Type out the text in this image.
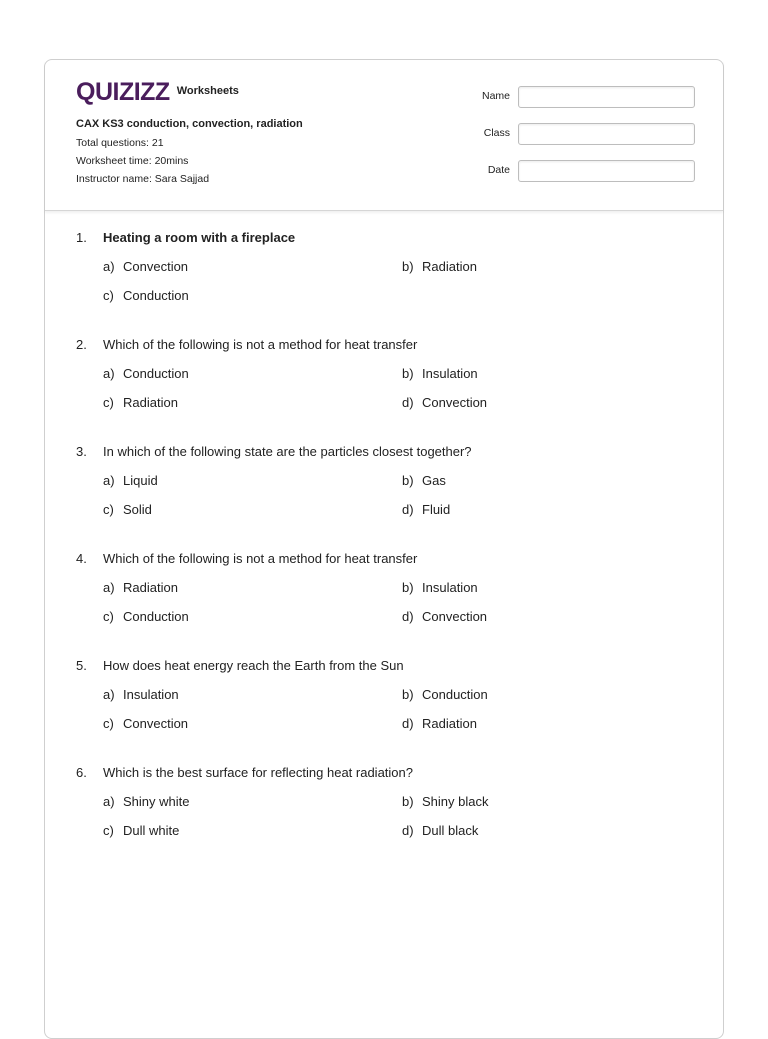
QUIZIZZ Worksheets
CAX KS3 conduction, convection, radiation
Total questions: 21
Worksheet time: 20mins
Instructor name: Sara Sajjad
Name
Class
Date
1.	Heating a room with a fireplace
a) Convection	b) Radiation
c) Conduction
2.	Which of the following is not a method for heat transfer
a) Conduction	b) Insulation
c) Radiation	d) Convection
3.	In which of the following state are the particles closest together?
a) Liquid	b) Gas
c) Solid	d) Fluid
4.	Which of the following is not a method for heat transfer
a) Radiation	b) Insulation
c) Conduction	d) Convection
5.	How does heat energy reach the Earth from the Sun
a) Insulation	b) Conduction
c) Convection	d) Radiation
6.	Which is the best surface for reflecting heat radiation?
a) Shiny white	b) Shiny black
c) Dull white	d) Dull black
